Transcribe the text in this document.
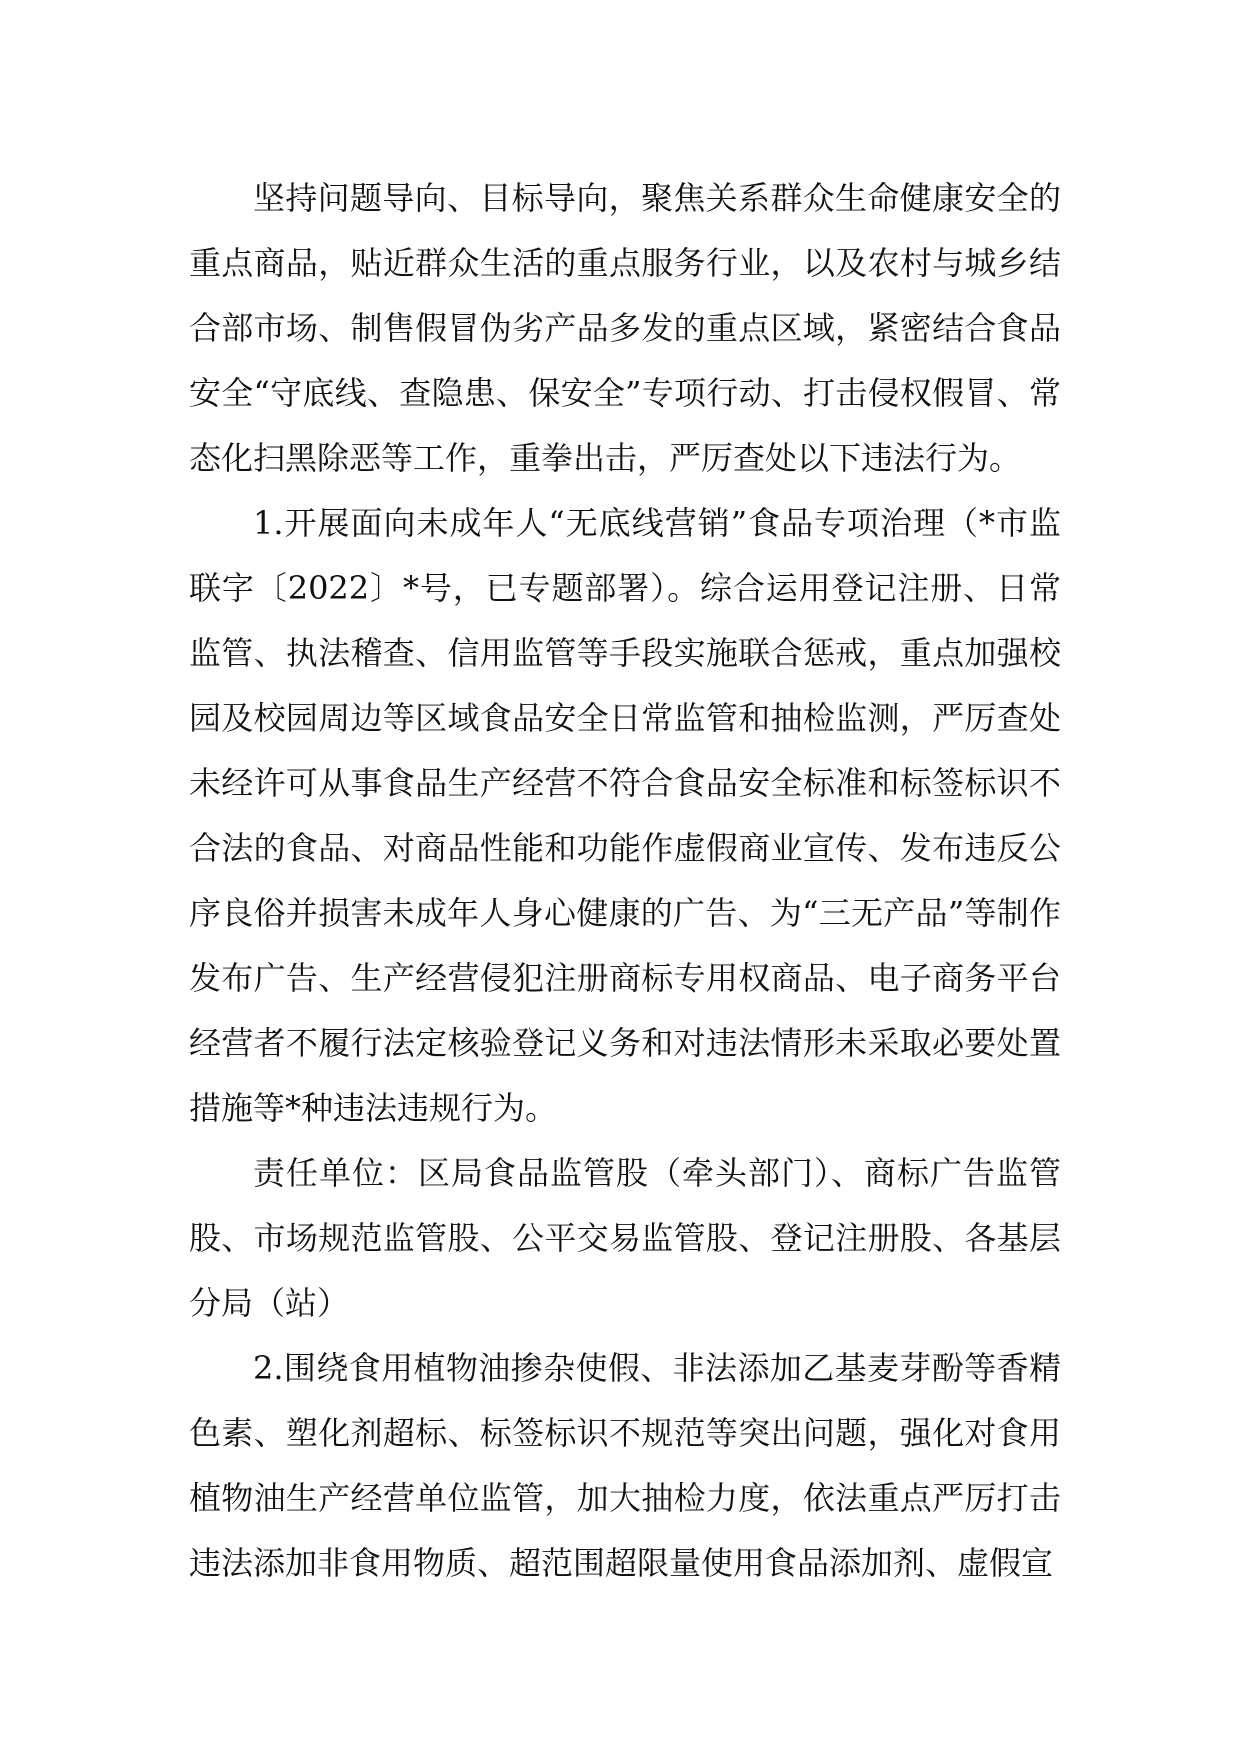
坚持问题导向、目标导向，聚焦关系群众生命健康安全的重点商品，贴近群众生活的重点服务行业，以及农村与城乡结合部市场、制售假冒伪劣产品多发的重点区域，紧密结合食品安全“守底线、查隐患、保安全”专项行动、打击侵权假冒、常态化扫黑除恶等工作，重拳出击，严厉查处以下违法行为。

1.开展面向未成年人“无底线营销”食品专项治理（*市监联字〔2022〕*号，已专题部署）。综合运用登记注册、日常监管、执法稽查、信用监管等手段实施联合惩戒，重点加强校园及校园周边等区域食品安全日常监管和抽检监测，严厉查处未经许可从事食品生产经营不符合食品安全标准和标签标识不合法的食品、对商品性能和功能作虚假商业宣传、发布违反公序良俗并损害未成年人身心健康的广告、为“三无产品”等制作发布广告、生产经营侵犯注册商标专用权商品、电子商务平台经营者不履行法定核验登记义务和对违法情形未采取必要处置措施等*种违法违规行为。

责任单位：区局食品监管股（牵头部门）、商标广告监管股、市场规范监管股、公平交易监管股、登记注册股、各基层分局（站）

2.围绕食用植物油掺杂使假、非法添加乙基麦芽酚等香精色素、塑化剂超标、标签标识不规范等突出问题，强化对食用植物油生产经营单位监管，加大抽检力度，依法重点严厉打击违法添加非食用物质、超范围超限量使用食品添加剂、虚假宣
